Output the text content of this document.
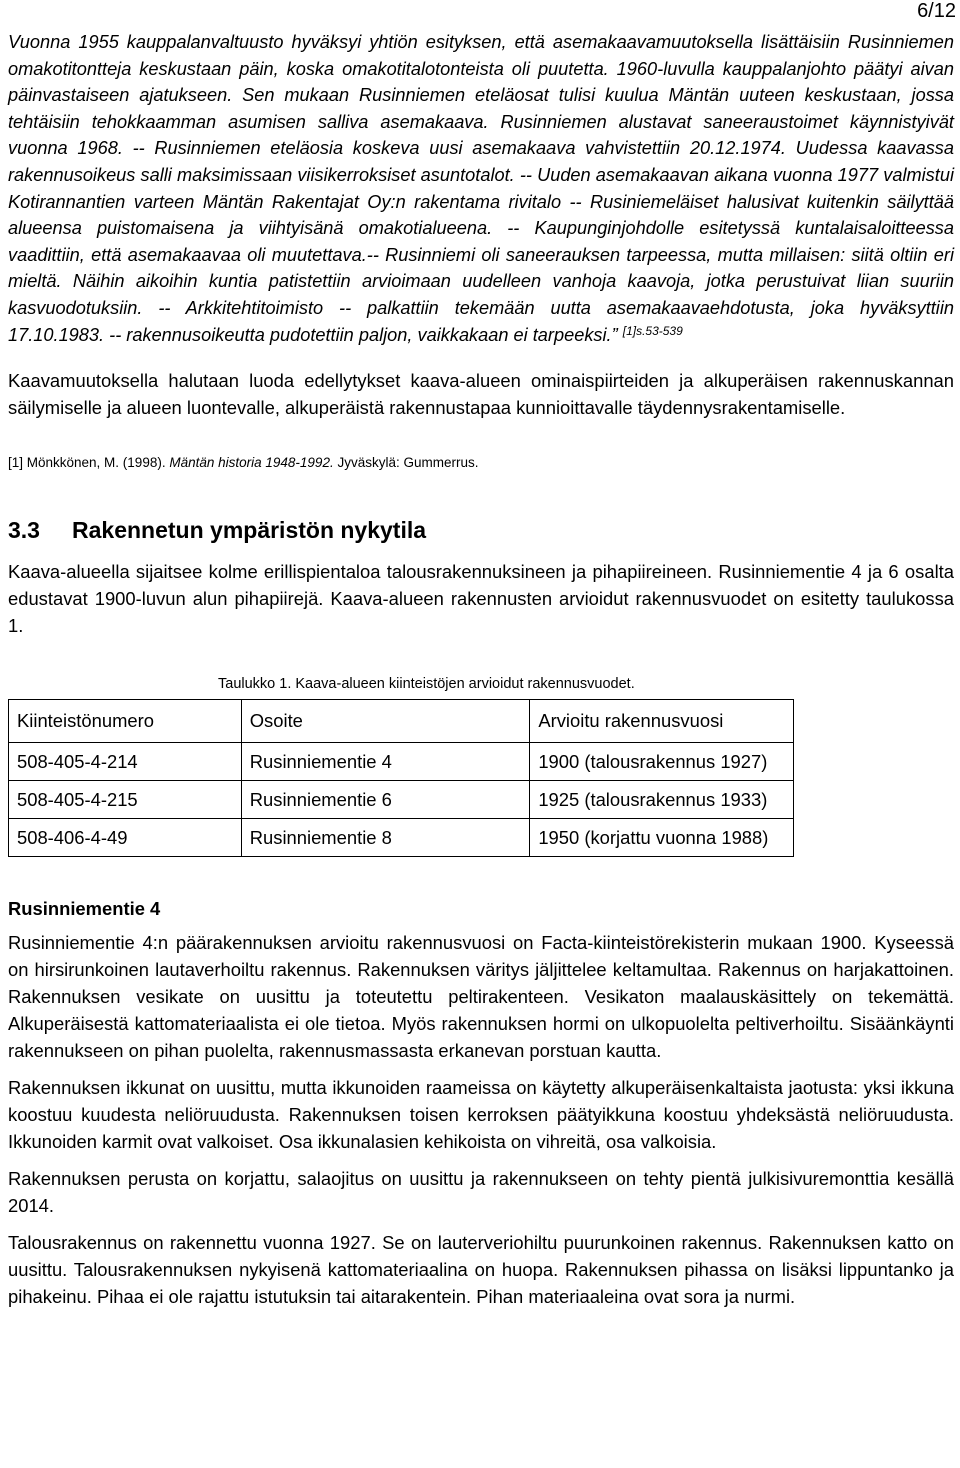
6/12

Vuonna 1955 kauppalanvaltuusto hyväksyi yhtiön esityksen, että asemakaavamuutoksella lisättäisiin Rusinniemen omakotitontteja keskustaan päin, koska omakotitalotonteista oli puutetta. 1960-luvulla kauppalanjohto päätyi aivan päinvastaiseen ajatukseen. Sen mukaan Rusinniemen eteläosat tulisi kuulua Mäntän uuteen keskustaan, jossa tehtäisiin tehokkaamman asumisen salliva asemakaava. Rusinniemen alustavat saneeraustoimet käynnistyivät vuonna 1968. -- Rusinniemen eteläosia koskeva uusi asemakaava vahvistettiin 20.12.1974. Uudessa kaavassa rakennusoikeus salli maksimissaan viisikerroksiset asuntotalot. -- Uuden asemakaavan aikana vuonna 1977 valmistui Kotirannantien varteen Mäntän Rakentajat Oy:n rakentama rivitalo -- Rusiniemeläiset halusivat kuitenkin säilyttää alueensa puistomaisena ja viihtyisänä omakotialueena. -- Kaupunginjohdolle esitetyssä kuntalaisaloitteessa vaadittiin, että asemakaavaa oli muutettava.-- Rusinniemi oli saneerauksen tarpeessa, mutta millaisen: siitä oltiin eri mieltä. Näihin aikoihin kuntia patistettiin arvioimaan uudelleen vanhoja kaavoja, jotka perustuivat liian suuriin kasvuodotuksiin. -- Arkkitehtitoimisto -- palkattiin tekemään uutta asemakaavaehdotusta, joka hyväksyttiin 17.10.1983. -- rakennusoikeutta pudotettiin paljon, vaikkakaan ei tarpeeksi.” $^{[1]s.53-539}$

Kaavamuutoksella halutaan luoda edellytykset kaava-alueen ominaispiirteiden ja alkuperäisen rakennuskannan säilymiselle ja alueen luontevalle, alkuperäistä rakennustapaa kunnioittavalle täydennysrakentamiselle.

[1] Mönkkönen, M. (1998). Mäntän historia 1948-1992. Jyväskylä: Gummerrus.
3.3 Rakennetun ympäristön nykytila

Kaava-alueella sijaitsee kolme erillispientaloa talousrakennuksineen ja pihapiireineen. Rusinniementie 4 ja 6 osalta edustavat 1900-luvun alun pihapiirejä. Kaava-alueen rakennusten arvioidut rakennusvuodet on esitetty taulukossa 1.

Taulukko 1. Kaava-alueen kiinteistöjen arvioidut rakennusvuodet.
Kiinteistönumero	Osoite	Arvioitu rakennusvuosi
508-405-4-214	Rusinniementie 4	1900 (talousrakennus 1927)
508-405-4-215	Rusinniementie 6	1925 (talousrakennus 1933)
508-406-4-49	Rusinniementie 8	1950 (korjattu vuonna 1988)
Rusinniementie 4

Rusinniementie 4:n päärakennuksen arvioitu rakennusvuosi on Facta-kiinteistörekisterin mukaan 1900. Kyseessä on hirsirunkoinen lautaverhoiltu rakennus. Rakennuksen väritys jäljittelee keltamultaa. Rakennus on harjakattoinen. Rakennuksen vesikate on uusittu ja toteutettu peltirakenteen. Vesikaton maalauskäsittely on tekemättä. Alkuperäisestä kattomateriaalista ei ole tietoa. Myös rakennuksen hormi on ulkopuolelta peltiverhoiltu. Sisäänkäynti rakennukseen on pihan puolelta, rakennusmassasta erkanevan porstuan kautta.

Rakennuksen ikkunat on uusittu, mutta ikkunoiden raameissa on käytetty alkuperäisenkaltaista jaotusta: yksi ikkuna koostuu kuudesta neliöruudusta. Rakennuksen toisen kerroksen päätyikkuna koostuu yhdeksästä neliöruudusta. Ikkunoiden karmit ovat valkoiset. Osa ikkunalasien kehikoista on vihreitä, osa valkoisia.

Rakennuksen perusta on korjattu, salaojitus on uusittu ja rakennukseen on tehty pientä julkisivuremonttia kesällä 2014.

Talousrakennus on rakennettu vuonna 1927. Se on lauterveriohiltu puurunkoinen rakennus. Rakennuksen katto on uusittu. Talousrakennuksen nykyisenä kattomateriaalina on huopa. Rakennuksen pihassa on lisäksi lippuntanko ja pihakeinu. Pihaa ei ole rajattu istutuksin tai aitarakentein. Pihan materiaaleina ovat sora ja nurmi.
